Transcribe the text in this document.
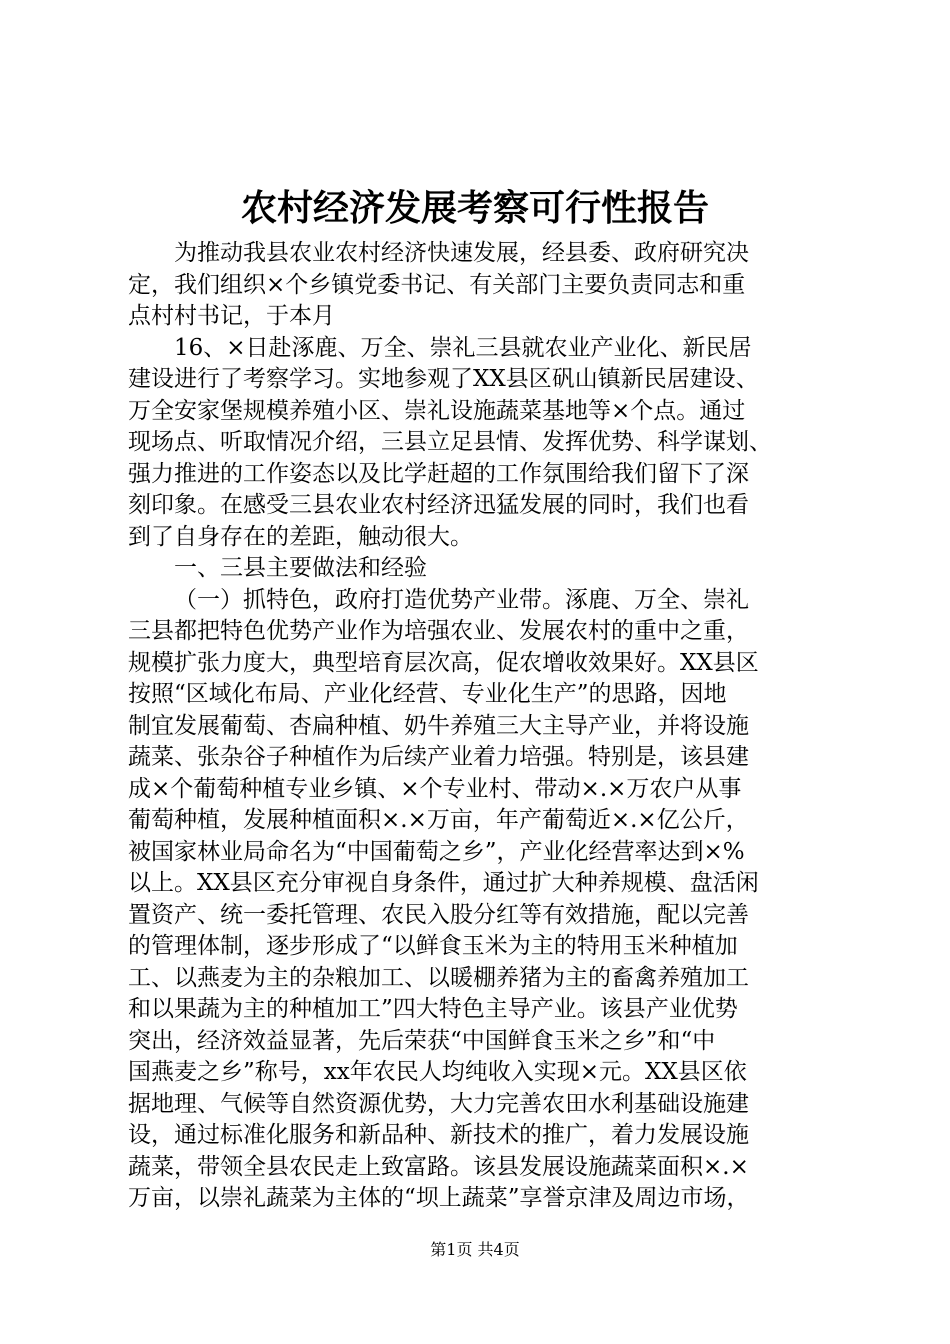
农村经济发展考察可行性报告

为推动我县农业农村经济快速发展，经县委、政府研究决
定，我们组织×个乡镇党委书记、有关部门主要负责同志和重
点村村书记，于本月

16、×日赴涿鹿、万全、崇礼三县就农业产业化、新民居
建设进行了考察学习。实地参观了XX县区矾山镇新民居建设、
万全安家堡规模养殖小区、崇礼设施蔬菜基地等×个点。通过
现场点、听取情况介绍，三县立足县情、发挥优势、科学谋划、
强力推进的工作姿态以及比学赶超的工作氛围给我们留下了深
刻印象。在感受三县农业农村经济迅猛发展的同时，我们也看
到了自身存在的差距，触动很大。

一、三县主要做法和经验

（一）抓特色，政府打造优势产业带。涿鹿、万全、崇礼
三县都把特色优势产业作为培强农业、发展农村的重中之重，
规模扩张力度大，典型培育层次高，促农增收效果好。XX县区
按照“区域化布局、产业化经营、专业化生产”的思路，因地
制宜发展葡萄、杏扁种植、奶牛养殖三大主导产业，并将设施
蔬菜、张杂谷子种植作为后续产业着力培强。特别是，该县建
成×个葡萄种植专业乡镇、×个专业村、带动×.×万农户从事
葡萄种植，发展种植面积×.×万亩，年产葡萄近×.×亿公斤，
被国家林业局命名为“中国葡萄之乡”，产业化经营率达到×%
以上。XX县区充分审视自身条件，通过扩大种养规模、盘活闲
置资产、统一委托管理、农民入股分红等有效措施，配以完善
的管理体制，逐步形成了“以鲜食玉米为主的特用玉米种植加
工、以燕麦为主的杂粮加工、以暖棚养猪为主的畜禽养殖加工
和以果蔬为主的种植加工”四大特色主导产业。该县产业优势
突出，经济效益显著，先后荣获“中国鲜食玉米之乡”和“中
国燕麦之乡”称号，xx年农民人均纯收入实现×元。XX县区依
据地理、气候等自然资源优势，大力完善农田水利基础设施建
设，通过标准化服务和新品种、新技术的推广，着力发展设施
蔬菜，带领全县农民走上致富路。该县发展设施蔬菜面积×.×
万亩，以崇礼蔬菜为主体的“坝上蔬菜”享誉京津及周边市场，

第1页 共4页
